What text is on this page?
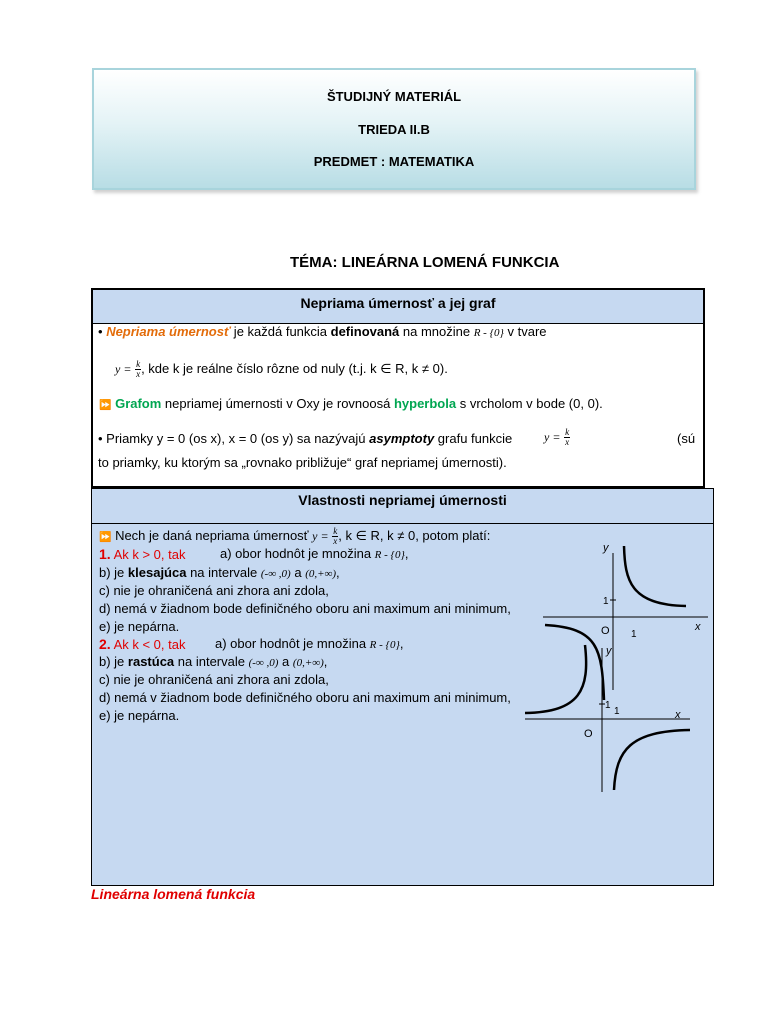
ŠTUDIJNÝ MATERIÁL
TRIEDA II.B
PREDMET : MATEMATIKA
TÉMA: LINEÁRNA LOMENÁ FUNKCIA
Nepriama úmernosť a jej graf
• Nepriama úmernosť je každá funkcia definovaná na množine R - {0} v tvare
$y = \frac{k}{x}$ , kde k je reálne číslo rôzne od nuly (t.j. k ∈ R, k ≠ 0).
⏩ Grafom nepriamej úmernosti v Oxy je rovnoosá hyperbola s vrcholom v bode (0, 0).
• Priamky y = 0 (os x), x = 0 (os y) sa nazývajú asymptoty grafu funkcie	$y = \frac{k}{x}$	(sú
to priamky, ku ktorým sa „rovnako približuje“ graf nepriamej úmernosti).
Vlastnosti nepriamej úmernosti
⏩ Nech je daná nepriama úmernosť $y = \frac{k}{x}$ , k ∈ R, k ≠ 0, potom platí:
1. Ak k > 0, tak	a) obor hodnôt je množina R - {0},
b) je klesajúca na intervale (-∞ ,0) a (0,+∞),
c) nie je ohraničená ani zhora ani zdola,
d) nemá v žiadnom bode definičného oboru ani maximum ani minimum,
e) je nepárna.
2. Ak k < 0, tak a) obor hodnôt je množina R - {0},
b) je rastúca na intervale (-∞ ,0) a (0,+∞),
c) nie je ohraničená ani zhora ani zdola,
d) nemá v žiadnom bode definičného oboru ani maximum ani minimum,
e) je nepárna.
y
x
1
1
O
y
x
1
1
O
Lineárna lomená funkcia
